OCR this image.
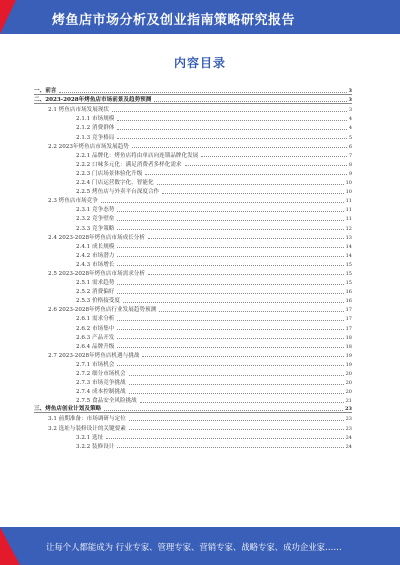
烤鱼店市场分析及创业指南策略研究报告
内容目录
一、前言	3
二、2023-2028年烤鱼店市场前景及趋势预测	3
2.1 烤鱼店市场发展现状	3
2.1.1 市场规模	4
2.1.2 消费群体	4
2.1.3 竞争格局	5
2.2 2023年烤鱼店市场发展趋势	6
2.2.1 品牌化：烤鱼店将由单店向连锁品牌化发展	7
2.2.2 口味多元化：满足消费者多样化需求	8
2.2.3 门店场景体验化升级	9
2.2.4 门店运营数字化、智能化	10
2.2.5 烤鱼店与外卖平台深度合作	10
2.3 烤鱼店市场竞争	11
2.3.1 竞争态势	11
2.3.2 竞争壁垒	11
2.3.3 竞争策略	12
2.4 2023-2028年烤鱼店市场成长分析	13
2.4.1 成长规模	14
2.4.2 市场潜力	14
2.4.3 市场增长	15
2.5 2023-2028年烤鱼店市场需求分析	15
2.5.1 需求趋势	15
2.5.2 消费偏好	16
2.5.3 价格接受度	16
2.6 2023-2028年烤鱼店行业发展趋势预测	17
2.6.1 需求分析	17
2.6.2 市场集中	17
2.6.3 产品开发	18
2.6.4 品牌升级	18
2.7 2023-2028年烤鱼店机遇与挑战	19
2.7.1 市场机会	19
2.7.2 细分市场机会	20
2.7.3 市场竞争挑战	20
2.7.4 成本控制挑战	20
2.7.5 食品安全风险挑战	21
三、烤鱼店创业计划及策略	23
3.1 前期准备：市场调研与定位	23
3.2 选址与装修设计的关键要素	23
3.2.1 选址	24
3.2.2 装修设计	24
让每个人都能成为 行业专家、管理专家、营销专家、战略专家、成功企业家……
